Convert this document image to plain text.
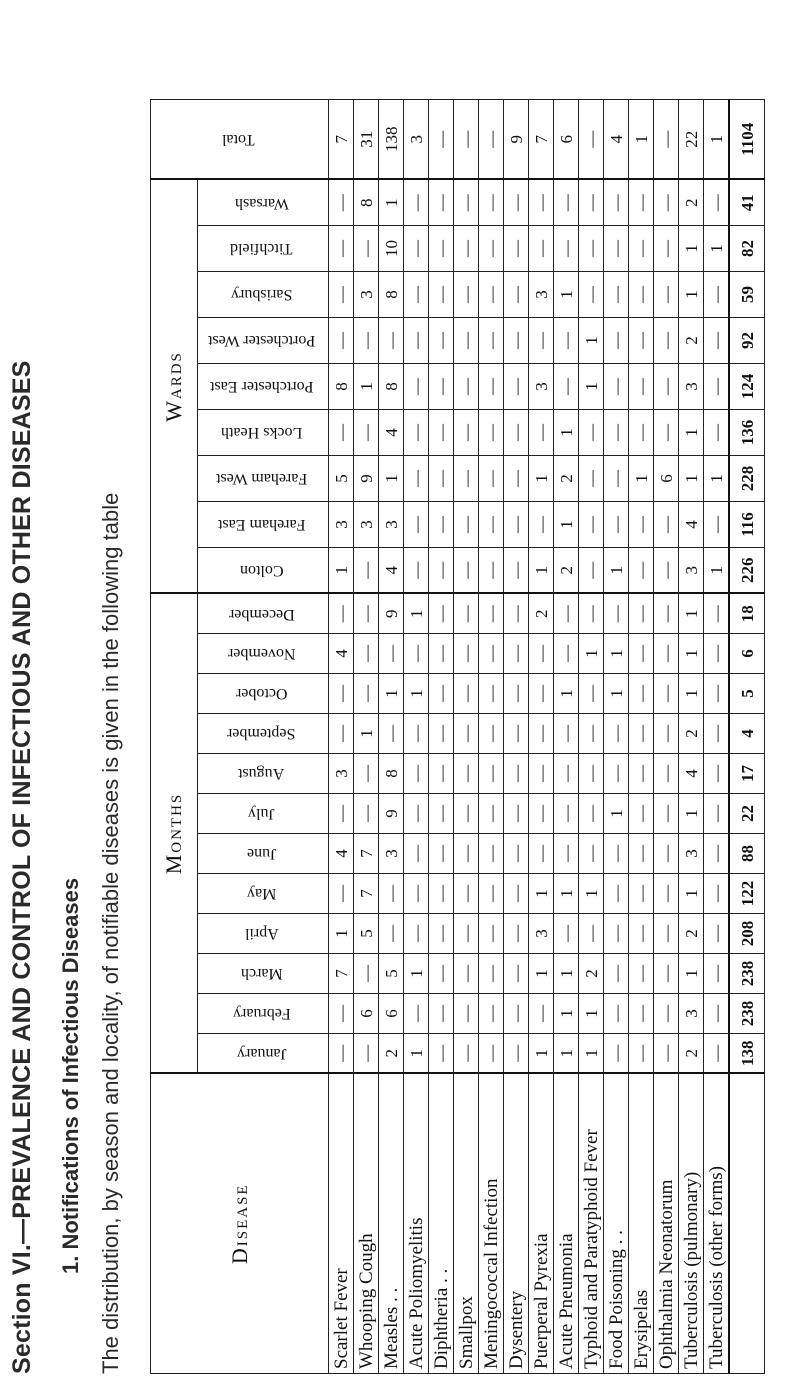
Section VI.—PREVALENCE AND CONTROL OF INFECTIOUS AND OTHER DISEASES 1. Notifications of Infectious Diseases The distribution, by season and locality, of notifiable diseases is given in the following table	Disease	Months												Wards									Total
	January	February	March	April	May	June	July	August	September	October	November	December	Colton	Fareham East	Fareham West	Locks Heath	Portchester East	Portchester West	Sarisbury	Titchfield	Warsash	
Scarlet Fever	—	—	7	1	—	4	—	3	—	—	4	—	1	3	5	—	8	—	—	—	—	7
Whooping Cough	—	6	—	5	7	7	—	—	1	—	—	—	—	3	9	—	1	—	3	—	8	31
Measles . .	2	6	5	—	—	3	9	8	—	1	—	9	4	3	1	4	8	—	8	10	1	138
Acute Poliomyelitis	1	—	1	—	—	—	—	—	—	1	—	1	—	—	—	—	—	—	—	—	—	3
Diphtheria . .	—	—	—	—	—	—	—	—	—	—	—	—	—	—	—	—	—	—	—	—	—	—
Smallpox	—	—	—	—	—	—	—	—	—	—	—	—	—	—	—	—	—	—	—	—	—	—
Meningococcal Infection	—	—	—	—	—	—	—	—	—	—	—	—	—	—	—	—	—	—	—	—	—	—
Dysentery	—	—	—	—	—	—	—	—	—	—	—	—	—	—	—	—	—	—	—	—	—	9
Puerperal Pyrexia	1	—	1	3	1	—	—	—	—	—	—	2	1	—	1	—	3	—	3	—	—	7
Acute Pneumonia	1	1	1	—	1	—	—	—	—	1	—	—	2	1	2	1	—	—	1	—	—	6
Typhoid and Paratyphoid Fever	1	1	2	—	1	—	—	—	—	—	1	—	—	—	—	—	1	1	—	—	—	—
Food Poisoning . .	—	—	—	—	—	—	1	—	—	1	1	—	1	—	—	—	—	—	—	—	—	4
Erysipelas	—	—	—	—	—	—	—	—	—	—	—	—	—	—	1	—	—	—	—	—	—	1
Ophthalmia Neonatorum	—	—	—	—	—	—	—	—	—	—	—	—	—	—	6	—	—	—	—	—	—	—
Tuberculosis (pulmonary)	2	3	1	2	1	3	1	4	2	1	1	1	3	4	1	1	3	2	1	1	2	22
Tuberculosis (other forms)	—	—	—	—	—	—	—	—	—	—	—	—	1	—	1	—	—	—	—	1	—	1
	138	238	238	208	122	88	22	17	4	5	6	18	226	116	228	136	124	92	59	82	41	1104
